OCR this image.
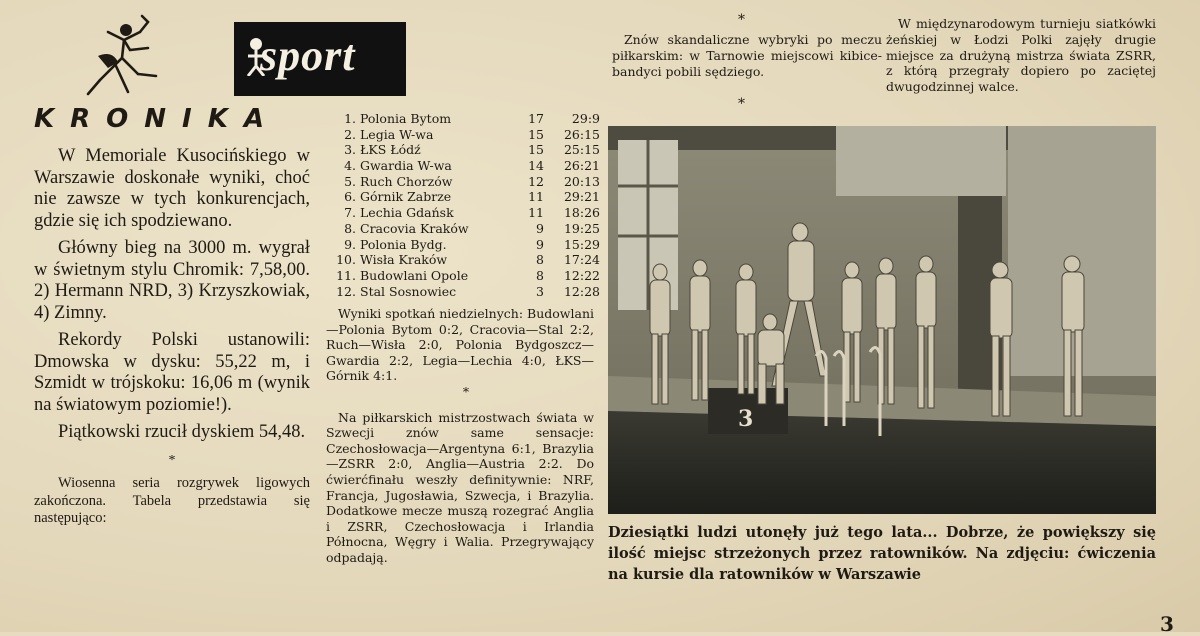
sport
KRONIKA

W Memoriale Kusocińskiego w Warszawie doskonałe wyniki, choć nie zawsze w tych konkurencjach, gdzie się ich spodziewano.

Główny bieg na 3000 m. wygrał w świetnym stylu Chromik: 7,58,00. 2) Hermann NRD, 3) Krzyszkowiak, 4) Zimny.

Rekordy Polski ustanowili: Dmowska w dysku: 55,22 m, i Szmidt w trójskoku: 16,06 m (wynik na światowym poziomie!).

Piątkowski rzucił dyskiem 54,48.

*

Wiosenna seria rozgrywek ligowych zakończona. Tabela przedstawia się następująco:

1. Polonia Bytom	17	29:9
2. Legia W-wa	15	26:15
3. ŁKS Łódź	15	25:15
4. Gwardia W-wa	14	26:21
5. Ruch Chorzów	12	20:13
6. Górnik Zabrze	11	29:21
7. Lechia Gdańsk	11	18:26
8. Cracovia Kraków	9	19:25
9. Polonia Bydg.	9	15:29
10. Wisła Kraków	8	17:24
11. Budowlani Opole	8	12:22
12. Stal Sosnowiec	3	12:28

Wyniki spotkań niedzielnych: Budowlani—Polonia Bytom 0:2, Cracovia—Stal 2:2, Ruch—Wisła 2:0, Polonia Bydgoszcz—Gwardia 2:2, Legia—Lechia 4:0, ŁKS—Górnik 4:1.

*

Na piłkarskich mistrzostwach świata w Szwecji znów same sensacje: Czechosłowacja—Argentyna 6:1, Brazylia—ZSRR 2:0, Anglia—Austria 2:2. Do ćwierćfinału weszły definitywnie: NRF, Francja, Jugosławia, Szwecja, i Brazylia. Dodatkowe mecze muszą rozegrać Anglia i ZSRR, Czechosłowacja i Irlandia Północna, Węgry i Walia. Przegrywający odpadają.

*

Znów skandaliczne wybryki po meczu piłkarskim: w Tarnowie miejscowi kibice-bandyci pobili sędziego.

*

W międzynarodowym turnieju siatkówki żeńskiej w Łodzi Polki zajęły drugie miejsce za drużyną mistrza świata ZSRR, z którą przegrały dopiero po zaciętej dwugodzinnej walce.

3

Dziesiątki ludzi utonęły już tego lata... Dobrze, że powiększy się ilość miejsc strzeżonych przez ratowników. Na zdjęciu: ćwiczenia na kursie dla ratowników w Warszawie

3
